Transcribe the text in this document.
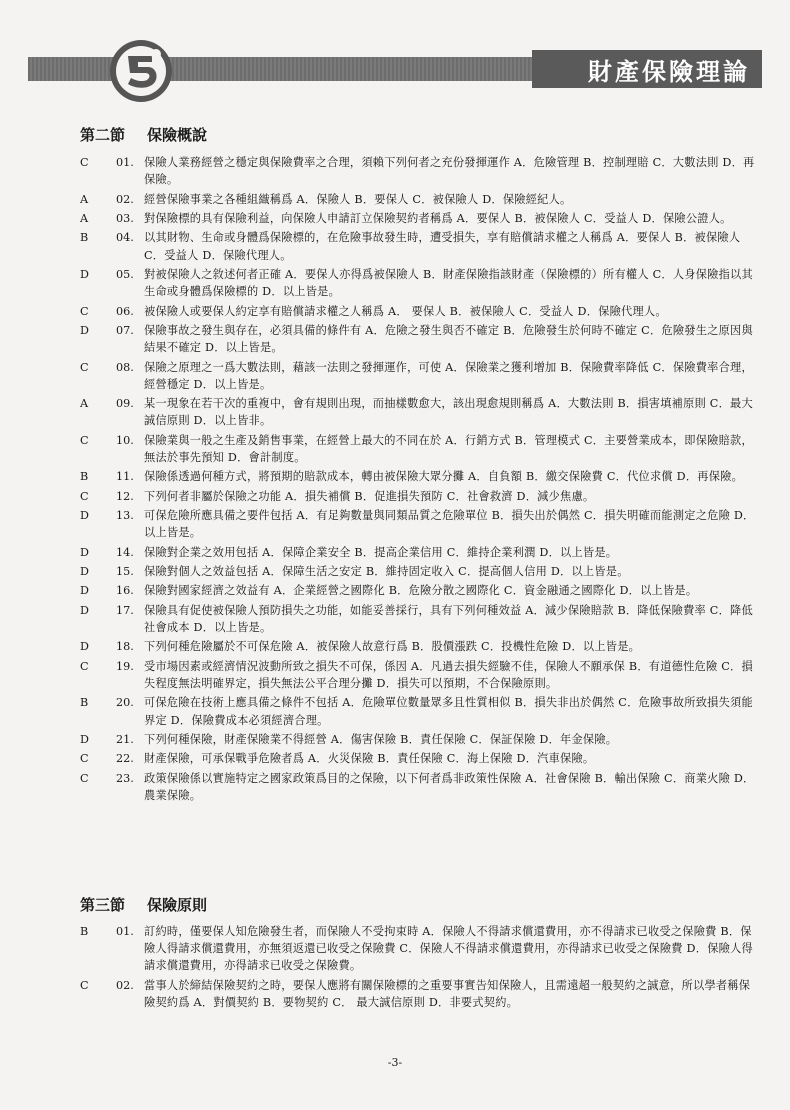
財產保險理論
第二節 保險概說
C	01. 保險人業務經營之穩定與保險費率之合理，須賴下列何者之充份發揮運作 A．危險管理 B．控制理賠 C．大數法則 D．再保險。
A	02. 經營保險事業之各種組織稱爲 A．保險人 B．要保人 C．被保險人 D．保險經紀人。
A	03. 對保險標的具有保險利益，向保險人申請訂立保險契約者稱爲 A．要保人 B．被保險人 C．受益人 D．保險公證人。
B	04. 以其財物、生命或身體爲保險標的，在危險事故發生時，遭受損失，享有賠償請求權之人稱爲 A．要保人 B．被保險人 C．受益人 D．保險代理人。
D	05. 對被保險人之敘述何者正確 A．要保人亦得爲被保險人 B．財產保險指該財產（保險標的）所有權人 C．人身保險指以其生命或身體爲保險標的 D．以上皆是。
C	06. 被保險人或要保人約定享有賠償請求權之人稱爲 A． 要保人 B．被保險人 C．受益人 D．保險代理人。
D	07. 保險事故之發生與存在，必須具備的條件有 A．危險之發生與否不確定 B．危險發生於何時不確定 C．危險發生之原因與結果不確定 D．以上皆是。
C	08. 保險之原理之一爲大數法則，藉該一法則之發揮運作，可使 A．保險業之獲利增加 B．保險費率降低 C．保險費率合理，經營穩定 D．以上皆是。
A	09. 某一現象在若干次的重複中，會有規則出現，而抽樣數愈大，該出現愈規則稱爲 A．大數法則 B．損害填補原則 C．最大誠信原則 D．以上皆非。
C	10. 保險業與一般之生產及銷售事業，在經營上最大的不同在於 A．行銷方式 B．管理模式 C．主要營業成本，即保險賠款，無法於事先預知 D．會計制度。
B	11. 保險係透過何種方式，將預期的賠款成本，轉由被保險大眾分攤 A．自負額 B．繳交保險費 C．代位求償 D．再保險。
C	12. 下列何者非屬於保險之功能 A．損失補償 B．促進損失預防 C．社會救濟 D．減少焦慮。
D	13. 可保危險所應具備之要件包括 A．有足夠數量與同類品質之危險單位 B．損失出於偶然 C．損失明確而能測定之危險 D．以上皆是。
D	14. 保險對企業之效用包括 A．保障企業安全 B．提高企業信用 C．維持企業利潤 D．以上皆是。
D	15. 保險對個人之效益包括 A．保障生活之安定 B．維持固定收入 C．提高個人信用 D．以上皆是。
D	16. 保險對國家經濟之效益有 A．企業經營之國際化 B．危險分散之國際化 C．資金融通之國際化 D．以上皆是。
D	17. 保險具有促使被保險人預防損失之功能，如能妥善採行，具有下列何種效益 A．減少保險賠款 B．降低保險費率 C．降低社會成本 D．以上皆是。
D	18. 下列何種危險屬於不可保危險 A．被保險人故意行爲 B．股價漲跌 C．投機性危險 D．以上皆是。
C	19. 受市場因素或經濟情況波動所致之損失不可保，係因 A．凡過去損失經驗不佳，保險人不願承保 B．有道德性危險 C．損失程度無法明確界定，損失無法公平合理分攤 D．損失可以預期，不合保險原則。
B	20. 可保危險在技術上應具備之條件不包括 A．危險單位數量眾多且性質相似 B．損失非出於偶然 C．危險事故所致損失須能界定 D．保險費成本必須經濟合理。
D	21. 下列何種保險，財產保險業不得經營 A．傷害保險 B．責任保險 C．保証保險 D．年金保險。
C	22. 財產保險，可承保戰爭危險者爲 A．火災保險 B．責任保險 C．海上保險 D．汽車保險。
C	23. 政策保險係以實施特定之國家政策爲目的之保險，以下何者爲非政策性保險 A．社會保險 B．輸出保險 C．商業火險 D．農業保險。
第三節 保險原則
B	01. 訂約時，僅要保人知危險發生者，而保險人不受拘束時 A．保險人不得請求償還費用，亦不得請求已收受之保險費 B．保險人得請求償還費用，亦無須返還已收受之保險費 C．保險人不得請求償還費用，亦得請求已收受之保險費 D．保險人得請求償還費用，亦得請求已收受之保險費。
C	02. 當事人於締結保險契約之時，要保人應將有關保險標的之重要事實告知保險人，且需遠超一般契約之誠意，所以學者稱保險契約爲 A．對價契約 B．要物契約 C． 最大誠信原則 D．非要式契約。
-3-
